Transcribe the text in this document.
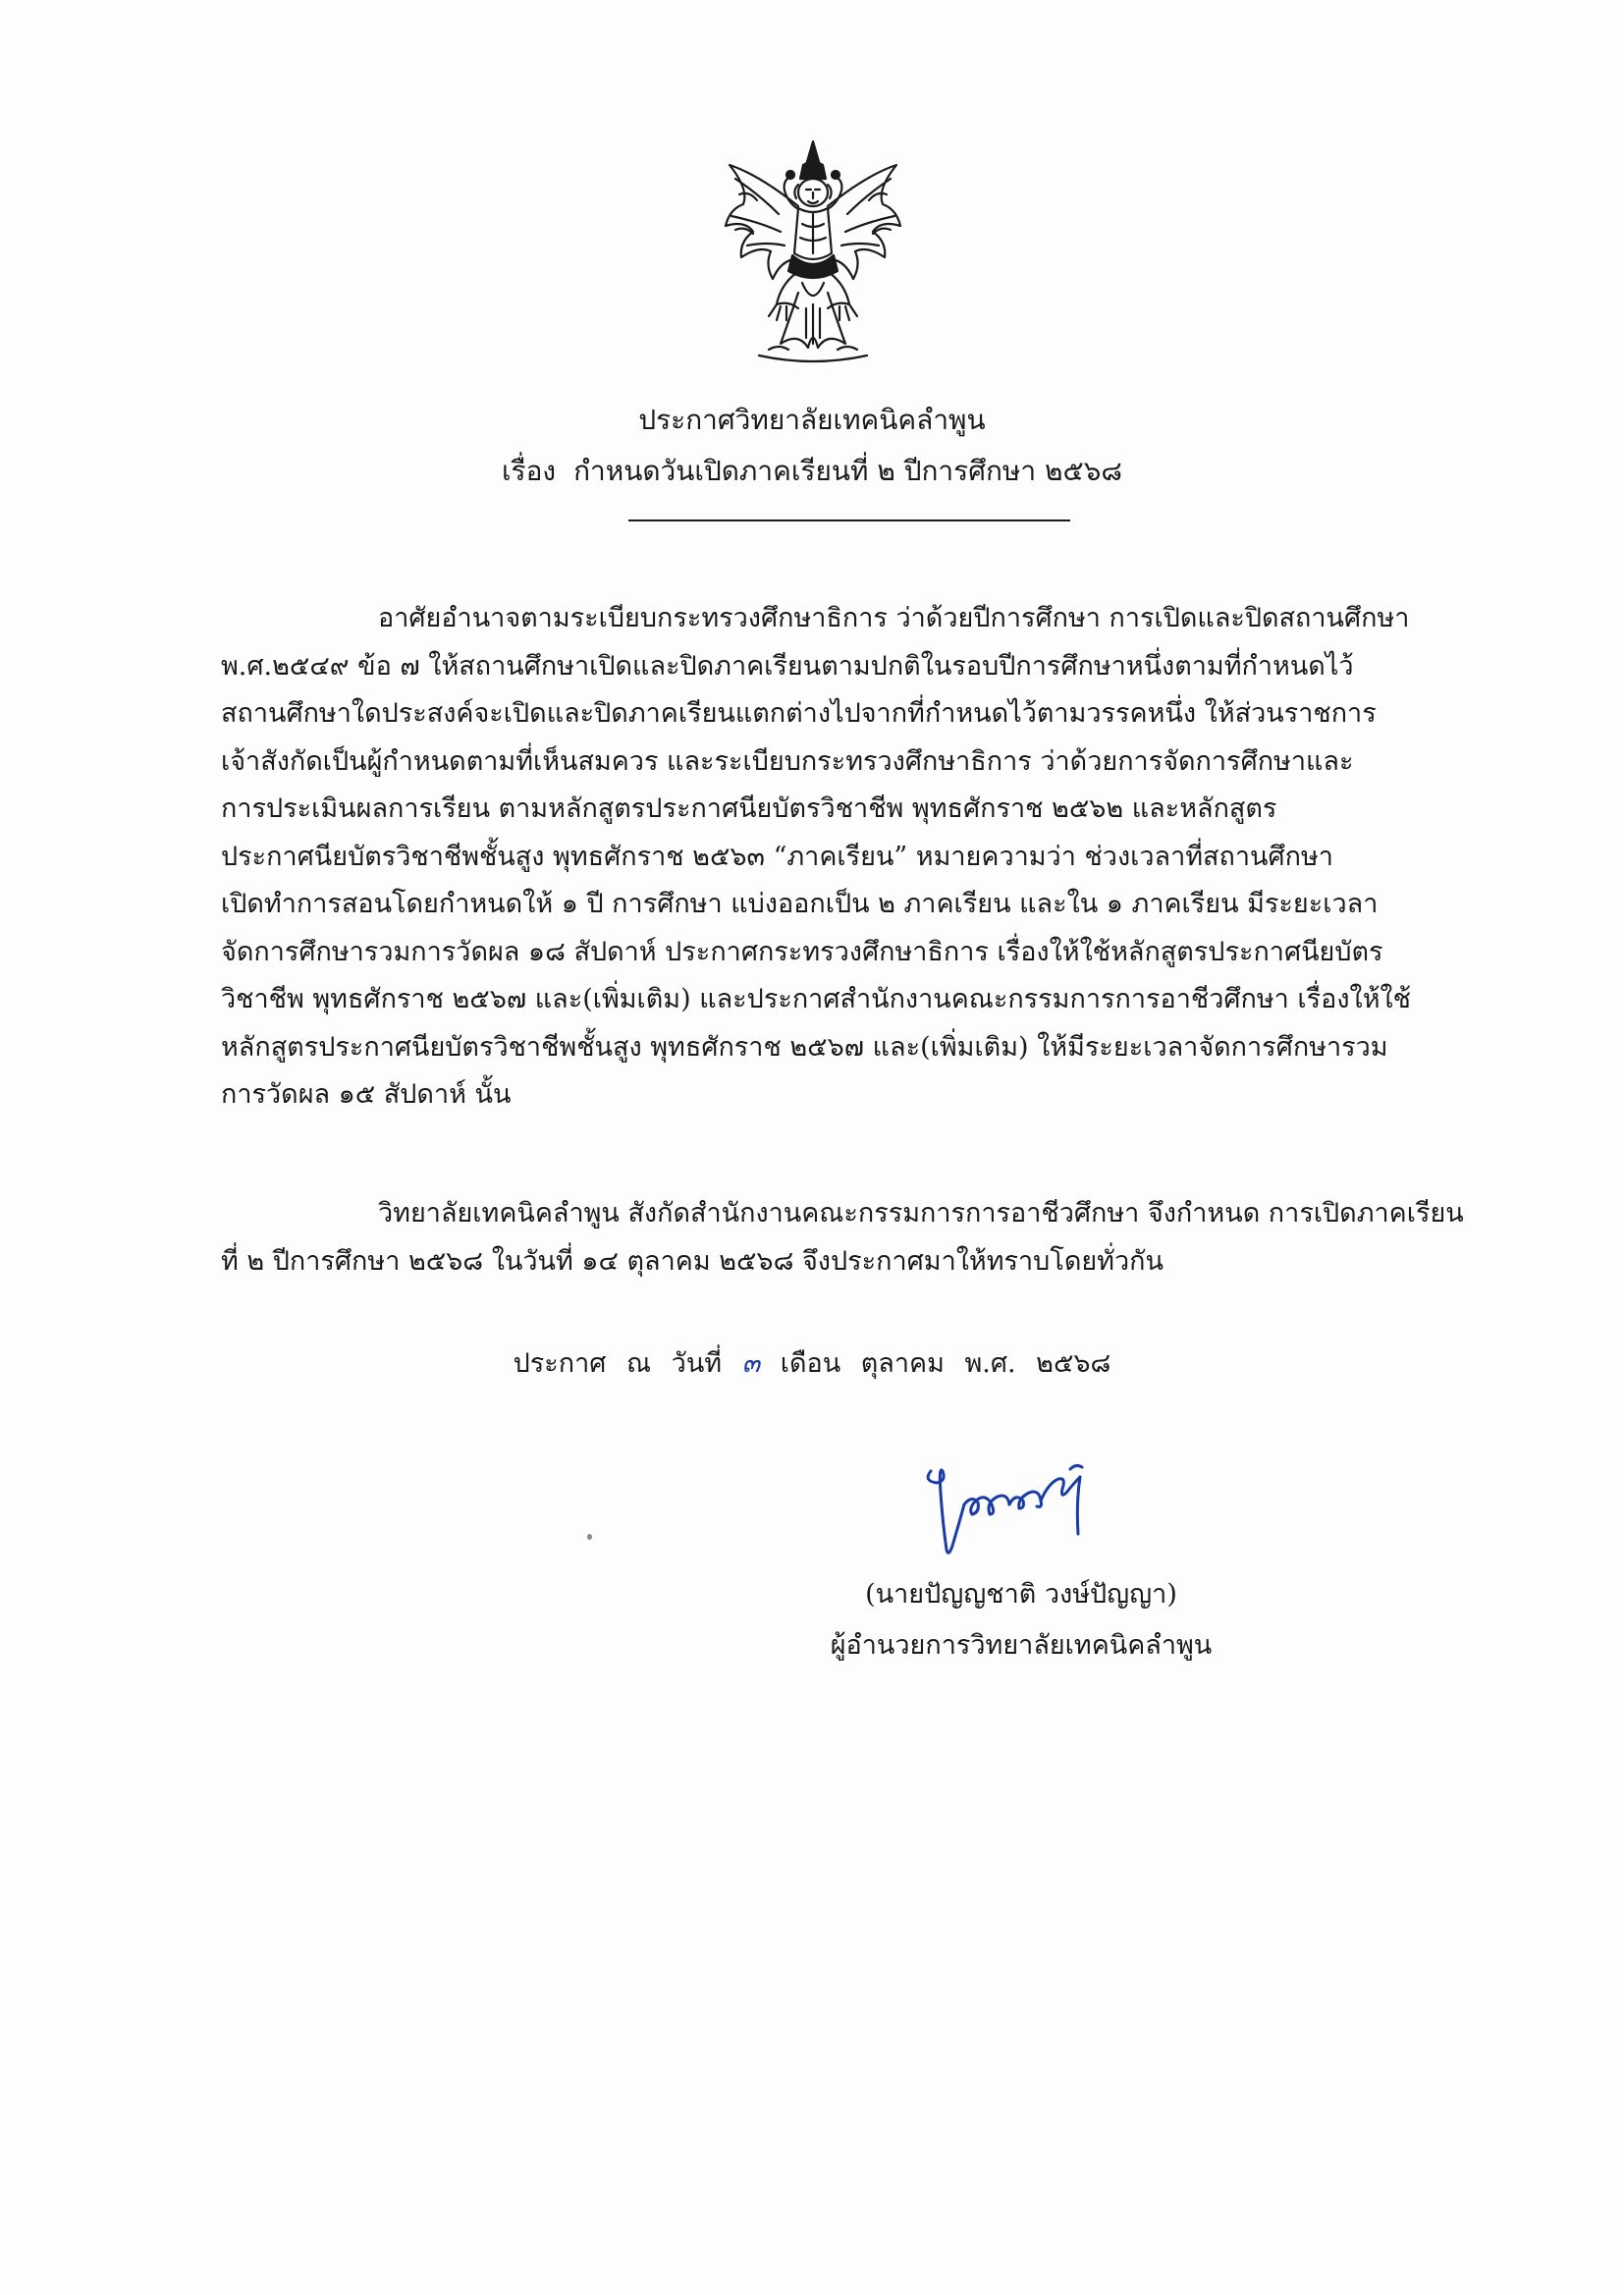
ประกาศวิทยาลัยเทคนิคลำพูน
เรื่อง กำหนดวันเปิดภาคเรียนที่ ๒ ปีการศึกษา ๒๕๖๘
อาศัยอำนาจตามระเบียบกระทรวงศึกษาธิการ ว่าด้วยปีการศึกษา การเปิดและปิดสถานศึกษา
พ.ศ.๒๕๔๙ ข้อ ๗ ให้สถานศึกษาเปิดและปิดภาคเรียนตามปกติในรอบปีการศึกษาหนึ่งตามที่กำหนดไว้
สถานศึกษาใดประสงค์จะเปิดและปิดภาคเรียนแตกต่างไปจากที่กำหนดไว้ตามวรรคหนึ่ง ให้ส่วนราชการ
เจ้าสังกัดเป็นผู้กำหนดตามที่เห็นสมควร และระเบียบกระทรวงศึกษาธิการ ว่าด้วยการจัดการศึกษาและ
การประเมินผลการเรียน ตามหลักสูตรประกาศนียบัตรวิชาชีพ พุทธศักราช ๒๕๖๒ และหลักสูตร
ประกาศนียบัตรวิชาชีพชั้นสูง พุทธศักราช ๒๕๖๓ “ภาคเรียน” หมายความว่า ช่วงเวลาที่สถานศึกษา
เปิดทำการสอนโดยกำหนดให้ ๑ ปี การศึกษา แบ่งออกเป็น ๒ ภาคเรียน และใน ๑ ภาคเรียน มีระยะเวลา
จัดการศึกษารวมการวัดผล ๑๘ สัปดาห์ ประกาศกระทรวงศึกษาธิการ เรื่องให้ใช้หลักสูตรประกาศนียบัตร
วิชาชีพ พุทธศักราช ๒๕๖๗ และ(เพิ่มเติม) และประกาศสำนักงานคณะกรรมการการอาชีวศึกษา เรื่องให้ใช้
หลักสูตรประกาศนียบัตรวิชาชีพชั้นสูง พุทธศักราช ๒๕๖๗ และ(เพิ่มเติม) ให้มีระยะเวลาจัดการศึกษารวม
การวัดผล ๑๕ สัปดาห์ นั้น
วิทยาลัยเทคนิคลำพูน สังกัดสำนักงานคณะกรรมการการอาชีวศึกษา จึงกำหนด การเปิดภาคเรียน
ที่ ๒ ปีการศึกษา ๒๕๖๘ ในวันที่ ๑๔ ตุลาคม ๒๕๖๘ จึงประกาศมาให้ทราบโดยทั่วกัน
ประกาศ ณ วันที่ ๓ เดือน ตุลาคม พ.ศ. ๒๕๖๘
(นายปัญญชาติ วงษ์ปัญญา)
ผู้อำนวยการวิทยาลัยเทคนิคลำพูน
